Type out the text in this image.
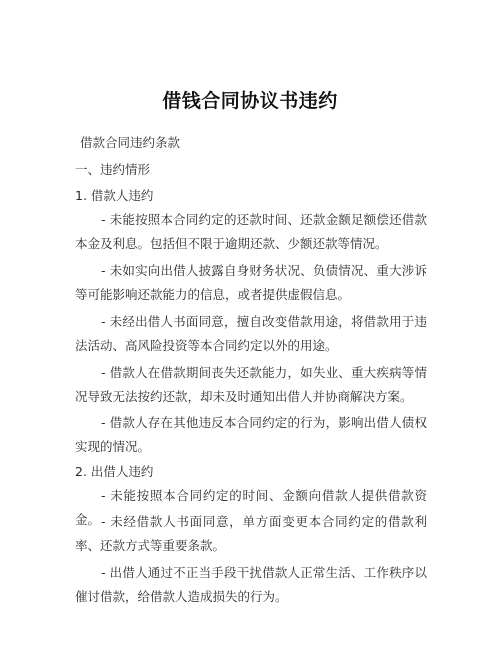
借钱合同协议书违约
借款合同违约条款
一、违约情形
1. 借款人违约
- 未能按照本合同约定的还款时间、还款金额足额偿还借款本金及利息。包括但不限于逾期还款、少额还款等情况。
- 未如实向出借人披露自身财务状况、负债情况、重大涉诉等可能影响还款能力的信息，或者提供虚假信息。
- 未经出借人书面同意，擅自改变借款用途，将借款用于违法活动、高风险投资等本合同约定以外的用途。
- 借款人在借款期间丧失还款能力，如失业、重大疾病等情况导致无法按约还款，却未及时通知出借人并协商解决方案。
- 借款人存在其他违反本合同约定的行为，影响出借人债权实现的情况。
2. 出借人违约
- 未能按照本合同约定的时间、金额向借款人提供借款资金。 - 未经借款人书面同意，单方面变更本合同约定的借款利率、还款方式等重要条款。
- 出借人通过不正当手段干扰借款人正常生活、工作秩序以催讨借款，给借款人造成损失的行为。
